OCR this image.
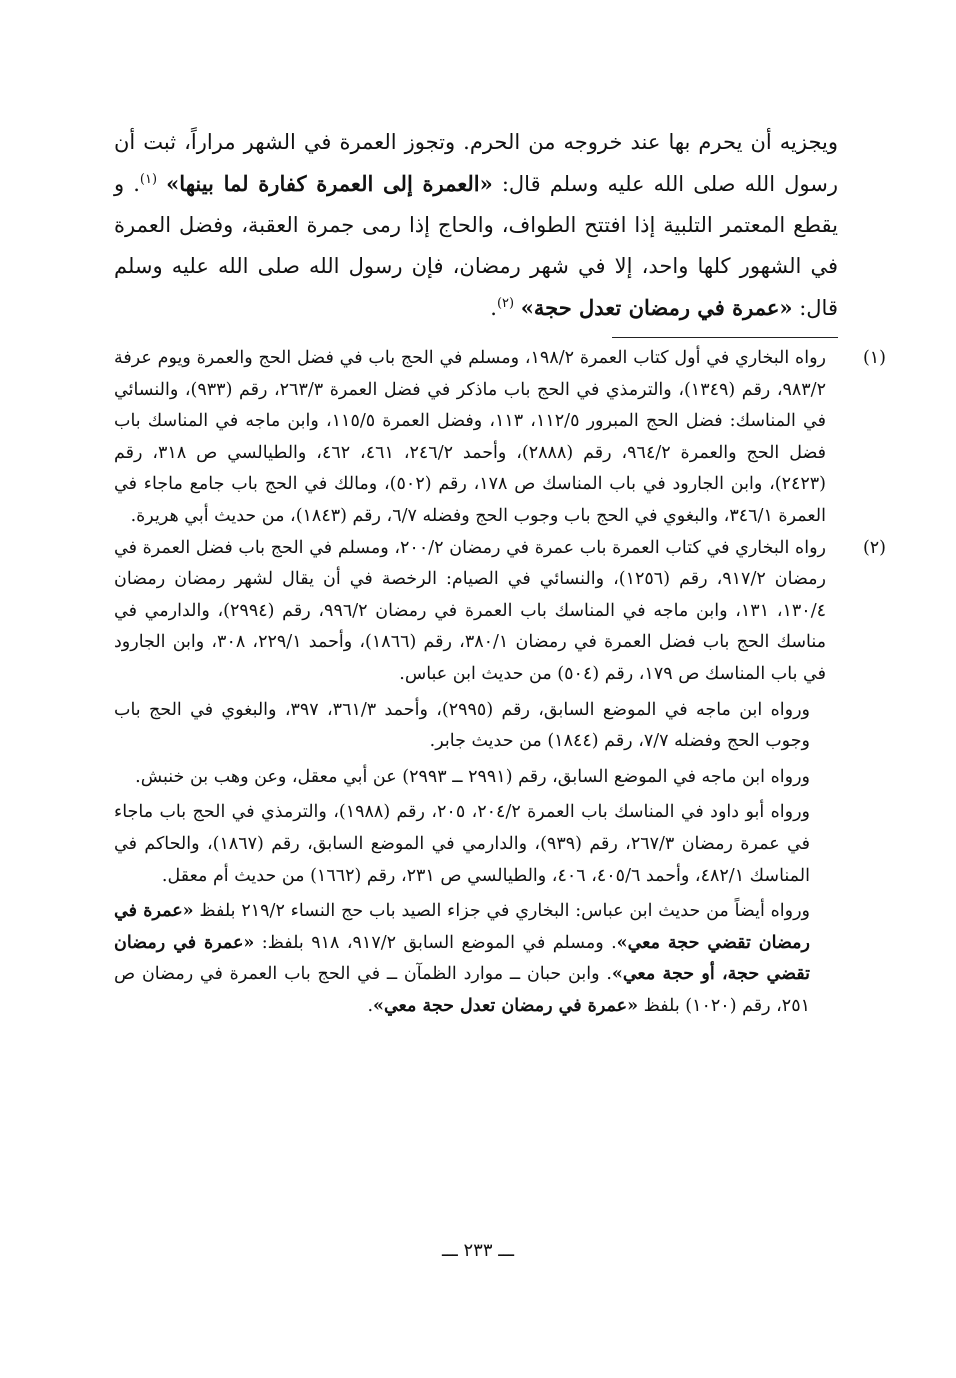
ويجزيه أن يحرم بها عند خروجه من الحرم. وتجوز العمرة في الشهر مراراً، ثبت أن رسول الله صلى الله عليه وسلم قال: «العمرة إلى العمرة كفارة لما بينها» $^{(١)}$. و يقطع المعتمر التلبية إذا افتتح الطواف، والحاج إذا رمى جمرة العقبة، وفضل العمرة في الشهور كلها واحد، إلا في شهر رمضان، فإن رسول الله صلى الله عليه وسلم قال: «عمرة في رمضان تعدل حجة» $^{(٢)}$.
(١)
رواه البخاري في أول كتاب العمرة ١٩٨/٢، ومسلم في الحج باب في فضل الحج والعمرة ويوم عرفة ٩٨٣/٢، رقم (١٣٤٩)، والترمذي في الحج باب ماذكر في فضل العمرة ٢٦٣/٣، رقم (٩٣٣)، والنسائي في المناسك: فضل الحج المبرور ١١٢/٥، ١١٣، وفضل العمرة ١١٥/٥، وابن ماجه في المناسك باب فضل الحج والعمرة ٩٦٤/٢، رقم (٢٨٨٨)، وأحمد ٢٤٦/٢، ٤٦١، ٤٦٢، والطيالسي ص ٣١٨، رقم (٢٤٢٣)، وابن الجارود في باب المناسك ص ١٧٨، رقم (٥٠٢)، ومالك في الحج باب جامع ماجاء في العمرة ٣٤٦/١، والبغوي في الحج باب وجوب الحج وفضله ٦/٧، رقم (١٨٤٣)، من حديث أبي هريرة.
(٢)
رواه البخاري في كتاب العمرة باب عمرة في رمضان ٢٠٠/٢، ومسلم في الحج باب فضل العمرة في رمضان ٩١٧/٢، رقم (١٢٥٦)، والنسائي في الصيام: الرخصة في أن يقال لشهر رمضان رمضان ١٣٠/٤، ١٣١، وابن ماجه في المناسك باب العمرة في رمضان ٩٩٦/٢، رقم (٢٩٩٤)، والدارمي في مناسك الحج باب فضل العمرة في رمضان ٣٨٠/١، رقم (١٨٦٦)، وأحمد ٢٢٩/١، ٣٠٨، وابن الجارود في باب المناسك ص ١٧٩، رقم (٥٠٤) من حديث ابن عباس.
ورواه ابن ماجه في الموضع السابق، رقم (٢٩٩٥)، وأحمد ٣٦١/٣، ٣٩٧، والبغوي في الحج باب وجوب الحج وفضله ٧/٧، رقم (١٨٤٤) من حديث جابر.
ورواه ابن ماجه في الموضع السابق، رقم (٢٩٩١ ــ ٢٩٩٣) عن أبي معقل، وعن وهب بن خنبش.
ورواه أبو داود في المناسك باب العمرة ٢٠٤/٢، ٢٠٥، رقم (١٩٨٨)، والترمذي في الحج باب ماجاء في عمرة رمضان ٢٦٧/٣، رقم (٩٣٩)، والدارمي في الموضع السابق، رقم (١٨٦٧)، والحاكم في المناسك ٤٨٢/١، وأحمد ٤٠٥/٦، ٤٠٦، والطيالسي ص ٢٣١، رقم (١٦٦٢) من حديث أم معقل.
ورواه أيضاً من حديث ابن عباس: البخاري في جزاء الصيد باب حج النساء ٢١٩/٢ بلفظ «عمرة في رمضان تقضي حجة معي». ومسلم في الموضع السابق ٩١٧/٢، ٩١٨ بلفظ: «عمرة في رمضان تقضي حجة، أو حجة معي». وابن حبان ــ موارد الظمآن ــ في الحج باب العمرة في رمضان ص ٢٥١، رقم (١٠٢٠) بلفظ «عمرة في رمضان تعدل حجة معي».
ـــ ٢٣٣ ـــ
